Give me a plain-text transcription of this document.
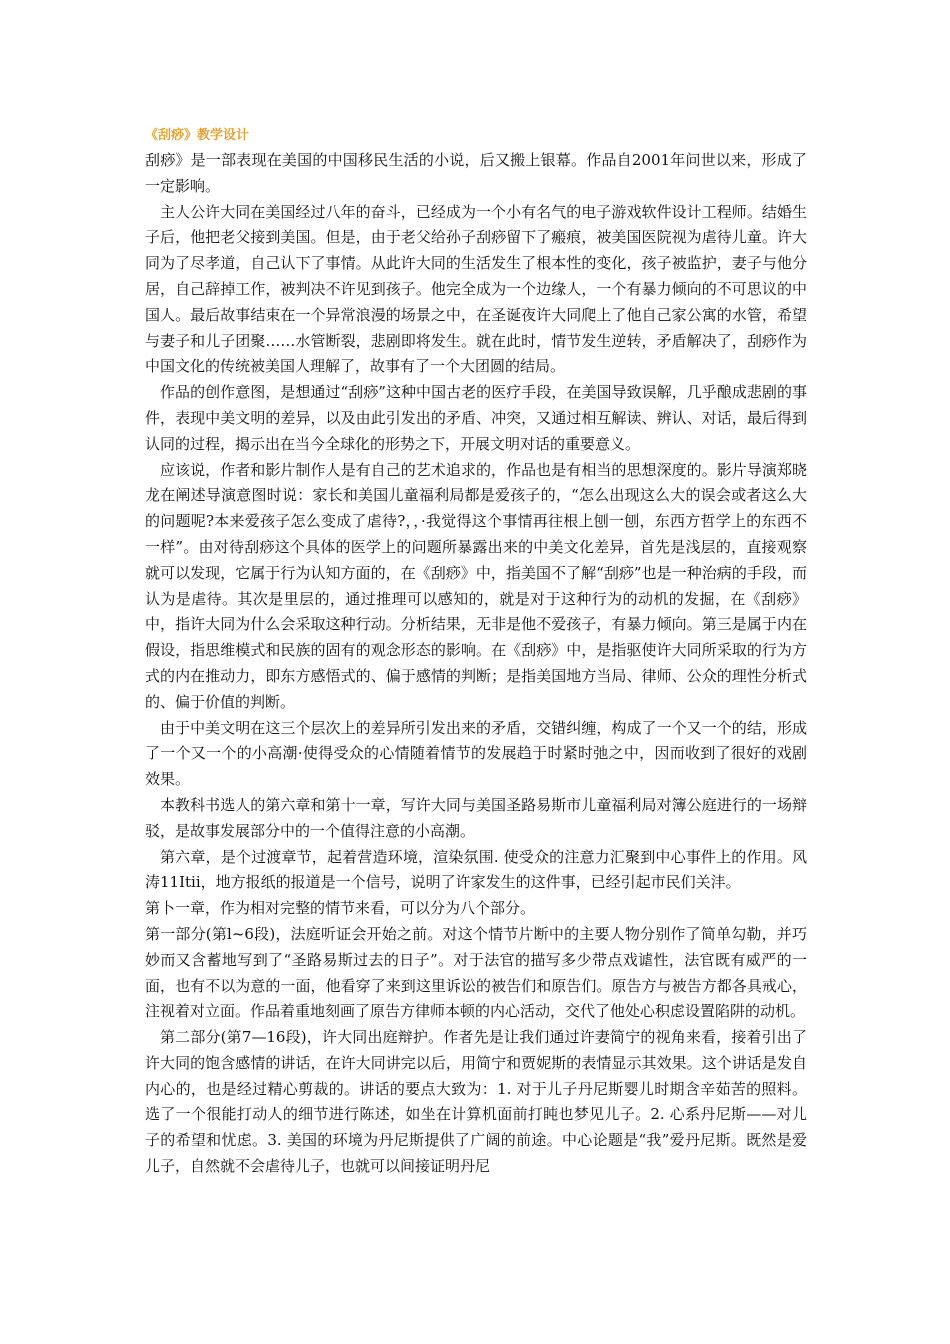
《刮痧》教学设计

刮痧》是一部表现在美国的中国移民生活的小说，后又搬上银幕。作品自2001年问世以来，形成了一定影响。

主人公许大同在美国经过八年的奋斗，已经成为一个小有名气的电子游戏软件设计工程师。结婚生子后，他把老父接到美国。但是，由于老父给孙子刮痧留下了瘢痕，被美国医院视为虐待儿童。许大同为了尽孝道，自己认下了事情。从此许大同的生活发生了根本性的变化，孩子被监护，妻子与他分居，自己辞掉工作，被判决不许见到孩子。他完全成为一个边缘人，一个有暴力倾向的不可思议的中国人。最后故事结束在一个异常浪漫的场景之中，在圣诞夜许大同爬上了他自己家公寓的水管，希望与妻子和儿子团聚……水管断裂，悲剧即将发生。就在此时，情节发生逆转，矛盾解决了，刮痧作为中国文化的传统被美国人理解了，故事有了一个大团圆的结局。

作品的创作意图，是想通过“刮痧”这种中国古老的医疗手段，在美国导致误解，几乎酿成悲剧的事件，表现中美文明的差异，以及由此引发出的矛盾、冲突，又通过相互解读、辨认、对话，最后得到认同的过程，揭示出在当今全球化的形势之下，开展文明对话的重要意义。

应该说，作者和影片制作人是有自己的艺术追求的，作品也是有相当的思想深度的。影片导演郑晓龙在阐述导演意图时说：家长和美国儿童福利局都是爱孩子的，“怎么出现这么大的误会或者这么大的问题呢?本来爱孩子怎么变成了虐待?，，·我觉得这个事情再往根上刨一刨，东西方哲学上的东西不一样”。由对待刮痧这个具体的医学上的问题所暴露出来的中美文化差异，首先是浅层的，直接观察就可以发现，它属于行为认知方面的，在《刮痧》中，指美国不了解“刮痧”也是一种治病的手段，而认为是虐待。其次是里层的，通过推理可以感知的，就是对于这种行为的动机的发掘，在《刮痧》中，指许大同为什么会采取这种行动。分析结果，无非是他不爱孩子，有暴力倾向。第三是属于内在假设，指思维模式和民族的固有的观念形态的影响。在《刮痧》中，是指驱使许大同所采取的行为方式的内在推动力，即东方感悟式的、偏于感情的判断；是指美国地方当局、律师、公众的理性分析式的、偏于价值的判断。

由于中美文明在这三个层次上的差异所引发出来的矛盾，交错纠缠，构成了一个又一个的结，形成了一个又一个的小高潮·使得受众的心情随着情节的发展趋于时紧时弛之中，因而收到了很好的戏剧效果。

本教科书选人的第六章和第十一章，写许大同与美国圣路易斯市儿童福利局对簿公庭进行的一场辩驳，是故事发展部分中的一个值得注意的小高潮。

第六章，是个过渡章节，起着营造环境，渲染氛围. 使受众的注意力汇聚到中心事件上的作用。风涛11Itii，地方报纸的报道是一个信号，说明了许家发生的这件事，已经引起市民们关沣。

第卜一章，作为相对完整的情节来看，可以分为八个部分。

第一部分(第l~6段)，法庭听证会开始之前。对这个情节片断中的主要人物分别作了简单勾勒，并巧妙而又含蓄地写到了“圣路易斯过去的日子”。对于法官的描写多少带点戏谑性，法官既有威严的一面，也有不以为意的一面，他看穿了来到这里诉讼的被告们和原告们。原告方与被告方都各具戒心，注视着对立面。作品着重地刻画了原告方律师本顿的内心活动，交代了他处心积虑设置陷阱的动机。

第二部分(第7—16段)，许大同出庭辩护。作者先是让我们通过许妻简宁的视角来看，接着引出了许大同的饱含感情的讲话，在许大同讲完以后，用简宁和贾妮斯的表情显示其效果。这个讲话是发自内心的，也是经过精心剪裁的。讲话的要点大致为：1. 对于儿子丹尼斯婴儿时期含辛茹苦的照料。选了一个很能打动人的细节进行陈述，如坐在计算机面前打盹也梦见儿子。2. 心系丹尼斯——对儿子的希望和忧虑。3. 美国的环境为丹尼斯提供了广阔的前途。中心论题是“我”爱丹尼斯。既然是爱儿子，自然就不会虐待儿子，也就可以间接证明丹尼
